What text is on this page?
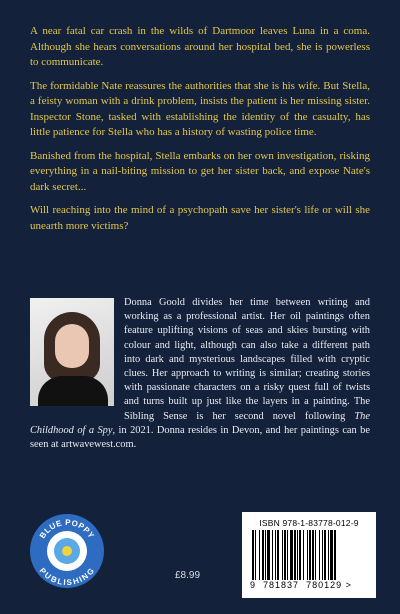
A near fatal car crash in the wilds of Dartmoor leaves Luna in a coma. Although she hears conversations around her hospital bed, she is powerless to communicate.

The formidable Nate reassures the authorities that she is his wife. But Stella, a feisty woman with a drink problem, insists the patient is her missing sister. Inspector Stone, tasked with establishing the identity of the casualty, has little patience for Stella who has a history of wasting police time.

Banished from the hospital, Stella embarks on her own investigation, risking everything in a nail-biting mission to get her sister back, and expose Nate's dark secret...

Will reaching into the mind of a psychopath save her sister's life or will she unearth more victims?

Donna Goold divides her time between writing and working as a professional artist. Her oil paintings often feature uplifting visions of seas and skies bursting with colour and light, although can also take a different path into dark and mysterious landscapes filled with cryptic clues. Her approach to writing is similar; creating stories with passionate characters on a risky quest full of twists and turns built up just like the layers in a painting. The Sibling Sense is her second novel following The Childhood of a Spy, in 2021. Donna resides in Devon, and her paintings can be seen at artwavewest.com.
BLUE POPPY
PUBLISHING	£8.99
ISBN 978-1-83778-012-9
9 781837 780129 >
